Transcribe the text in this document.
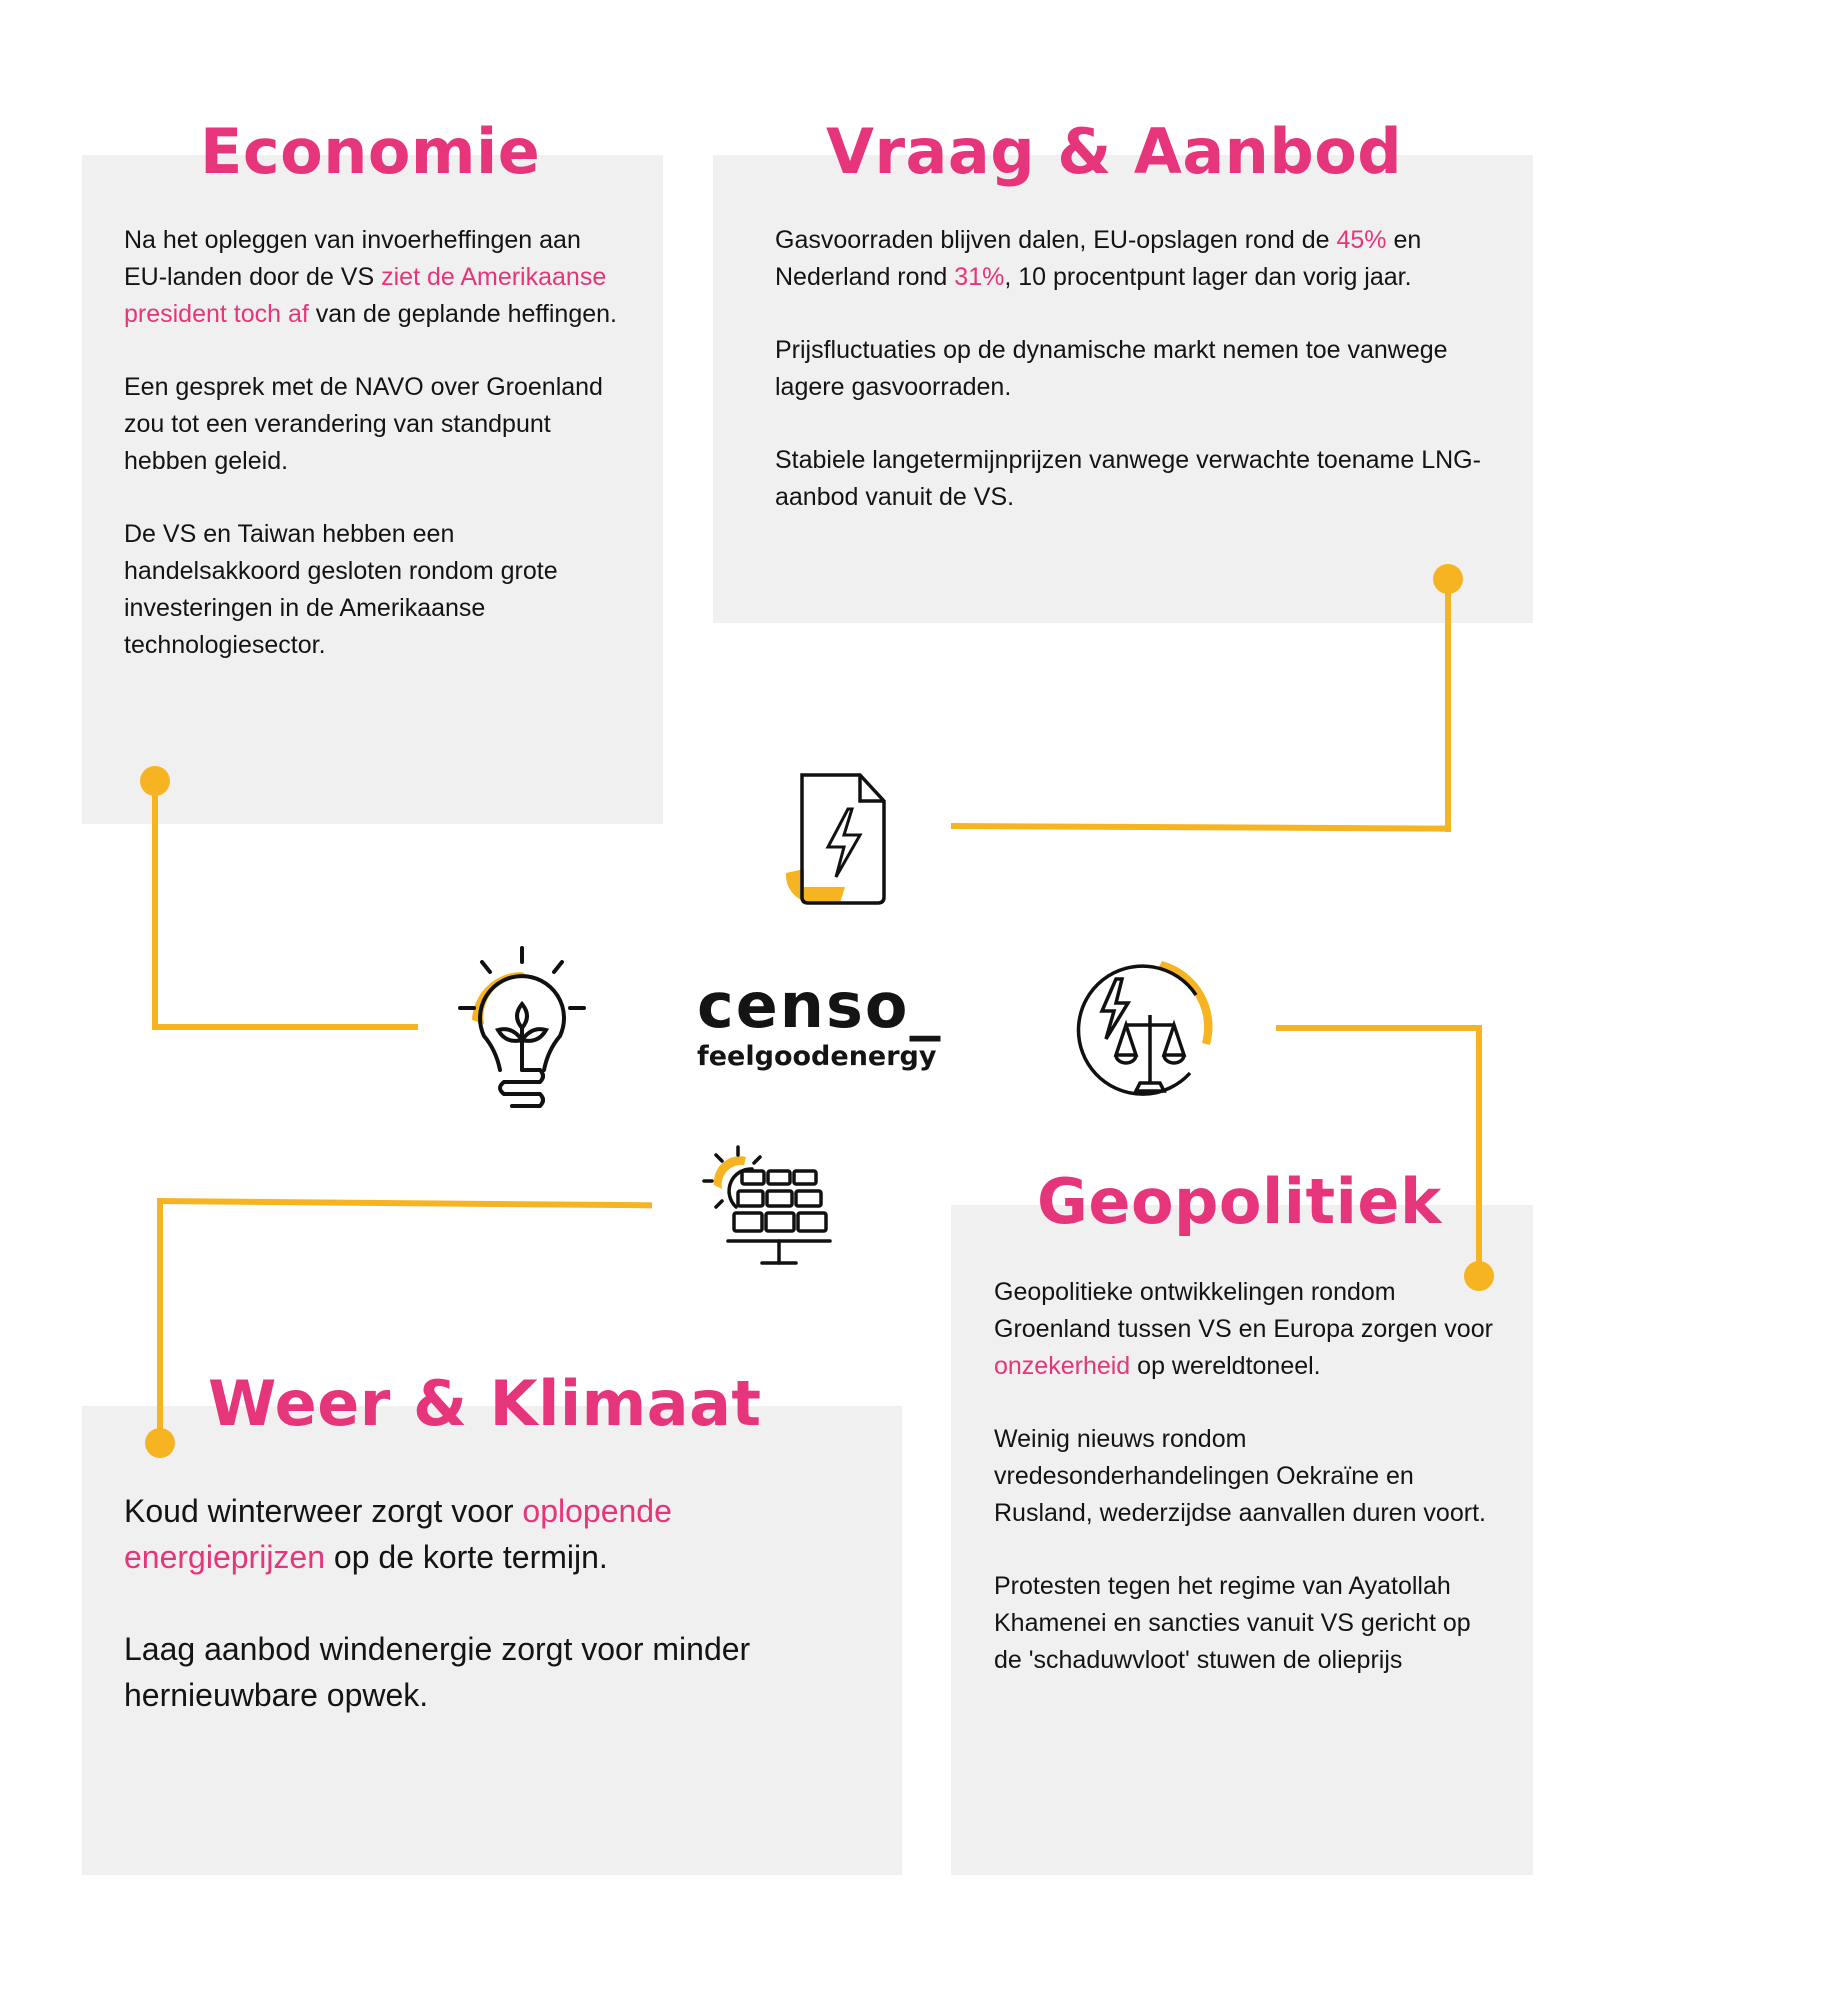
Economie	Vraag & Aanbod
Geopolitiek
Weer & Klimaat

Na het opleggen van invoerheffingen aan EU-landen door de VS ziet de Amerikaanse president toch af van de geplande heffingen.

Een gesprek met de NAVO over Groenland zou tot een verandering van standpunt hebben geleid.

De VS en Taiwan hebben een handelsakkoord gesloten rondom grote investeringen in de Amerikaanse technologiesector.

Gasvoorraden blijven dalen, EU-opslagen rond de 45% en Nederland rond 31%, 10 procentpunt lager dan vorig jaar.

Prijsfluctuaties op de dynamische markt nemen toe vanwege lagere gasvoorraden.

Stabiele langetermijnprijzen vanwege verwachte toename LNG-aanbod vanuit de VS.

Geopolitieke ontwikkelingen rondom Groenland tussen VS en Europa zorgen voor onzekerheid op wereldtoneel.

Weinig nieuws rondom vredesonderhandelingen Oekraïne en Rusland, wederzijdse aanvallen duren voort.

Protesten tegen het regime van Ayatollah Khamenei en sancties vanuit VS gericht op de 'schaduwvloot' stuwen de olieprijs

Koud winterweer zorgt voor oplopende energieprijzen op de korte termijn.

Laag aanbod windenergie zorgt voor minder hernieuwbare opwek.

censo_
feelgoodenergy
